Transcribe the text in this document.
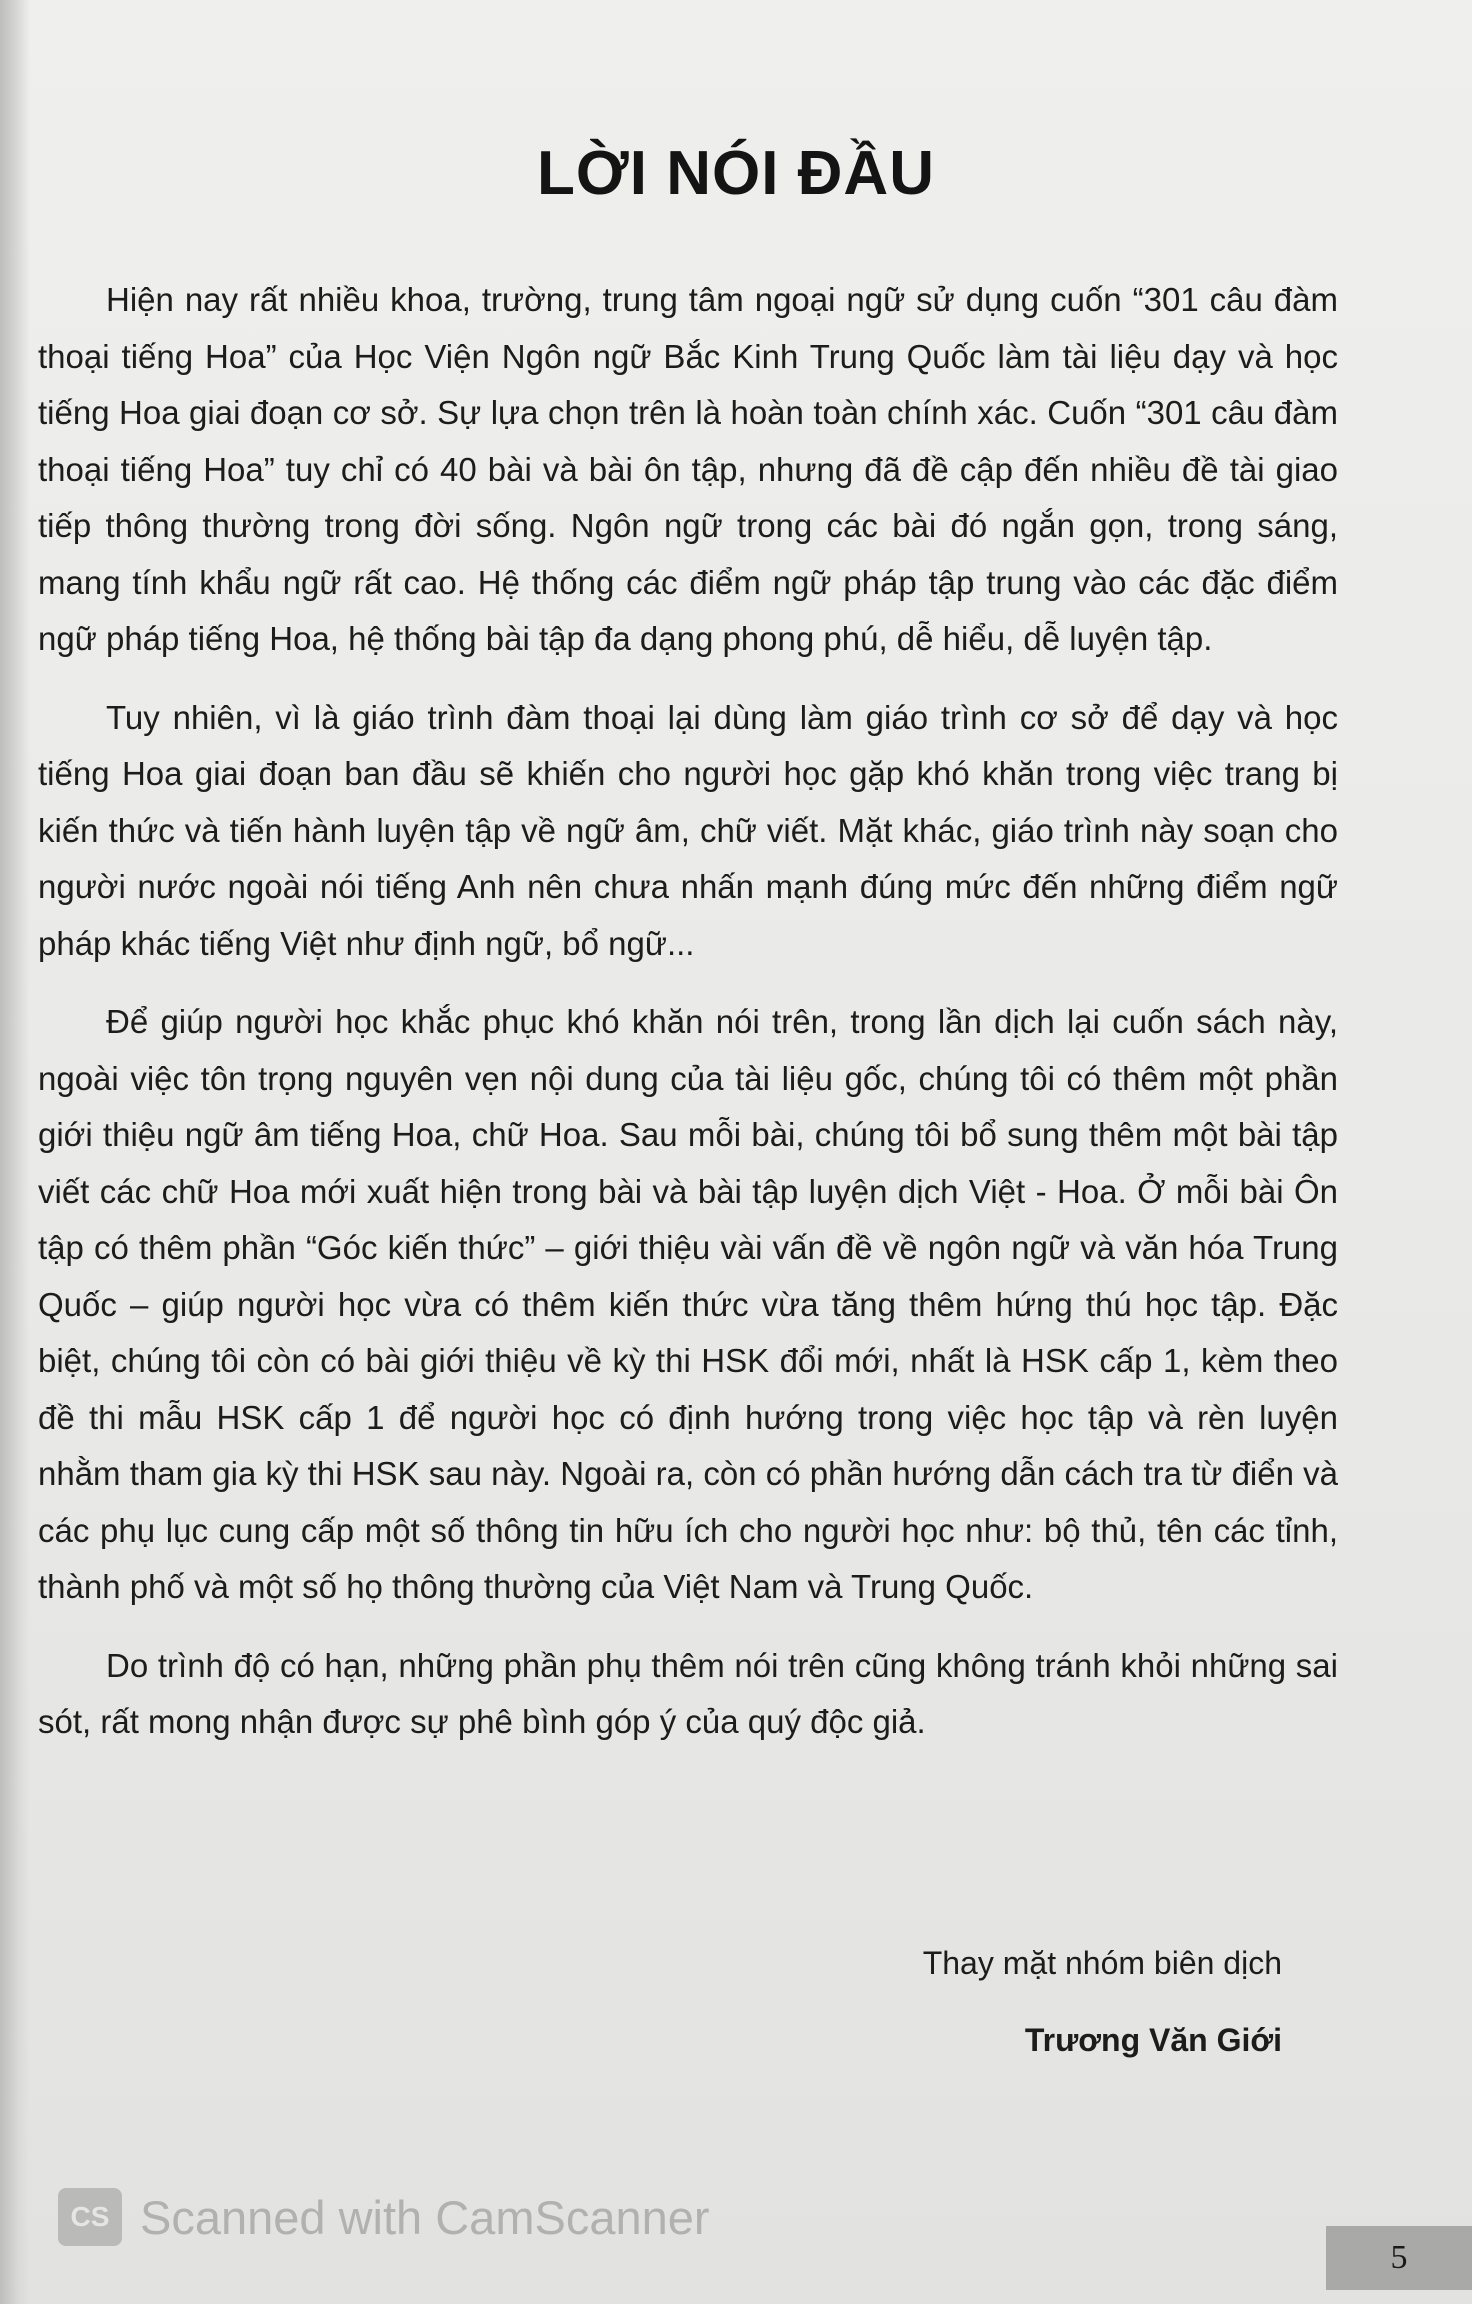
LỜI NÓI ĐẦU

Hiện nay rất nhiều khoa, trường, trung tâm ngoại ngữ sử dụng cuốn “301 câu đàm thoại tiếng Hoa” của Học Viện Ngôn ngữ Bắc Kinh Trung Quốc làm tài liệu dạy và học tiếng Hoa giai đoạn cơ sở. Sự lựa chọn trên là hoàn toàn chính xác. Cuốn “301 câu đàm thoại tiếng Hoa” tuy chỉ có 40 bài và bài ôn tập, nhưng đã đề cập đến nhiều đề tài giao tiếp thông thường trong đời sống. Ngôn ngữ trong các bài đó ngắn gọn, trong sáng, mang tính khẩu ngữ rất cao. Hệ thống các điểm ngữ pháp tập trung vào các đặc điểm ngữ pháp tiếng Hoa, hệ thống bài tập đa dạng phong phú, dễ hiểu, dễ luyện tập.

Tuy nhiên, vì là giáo trình đàm thoại lại dùng làm giáo trình cơ sở để dạy và học tiếng Hoa giai đoạn ban đầu sẽ khiến cho người học gặp khó khăn trong việc trang bị kiến thức và tiến hành luyện tập về ngữ âm, chữ viết. Mặt khác, giáo trình này soạn cho người nước ngoài nói tiếng Anh nên chưa nhấn mạnh đúng mức đến những điểm ngữ pháp khác tiếng Việt như định ngữ, bổ ngữ...

Để giúp người học khắc phục khó khăn nói trên, trong lần dịch lại cuốn sách này, ngoài việc tôn trọng nguyên vẹn nội dung của tài liệu gốc, chúng tôi có thêm một phần giới thiệu ngữ âm tiếng Hoa, chữ Hoa. Sau mỗi bài, chúng tôi bổ sung thêm một bài tập viết các chữ Hoa mới xuất hiện trong bài và bài tập luyện dịch Việt - Hoa. Ở mỗi bài Ôn tập có thêm phần “Góc kiến thức” – giới thiệu vài vấn đề về ngôn ngữ và văn hóa Trung Quốc – giúp người học vừa có thêm kiến thức vừa tăng thêm hứng thú học tập. Đặc biệt, chúng tôi còn có bài giới thiệu về kỳ thi HSK đổi mới, nhất là HSK cấp 1, kèm theo đề thi mẫu HSK cấp 1 để người học có định hướng trong việc học tập và rèn luyện nhằm tham gia kỳ thi HSK sau này. Ngoài ra, còn có phần hướng dẫn cách tra từ điển và các phụ lục cung cấp một số thông tin hữu ích cho người học như: bộ thủ, tên các tỉnh, thành phố và một số họ thông thường của Việt Nam và Trung Quốc.

Do trình độ có hạn, những phần phụ thêm nói trên cũng không tránh khỏi những sai sót, rất mong nhận được sự phê bình góp ý của quý độc giả.

Thay mặt nhóm biên dịch
Trương Văn Giới
CS Scanned with CamScanner
5
